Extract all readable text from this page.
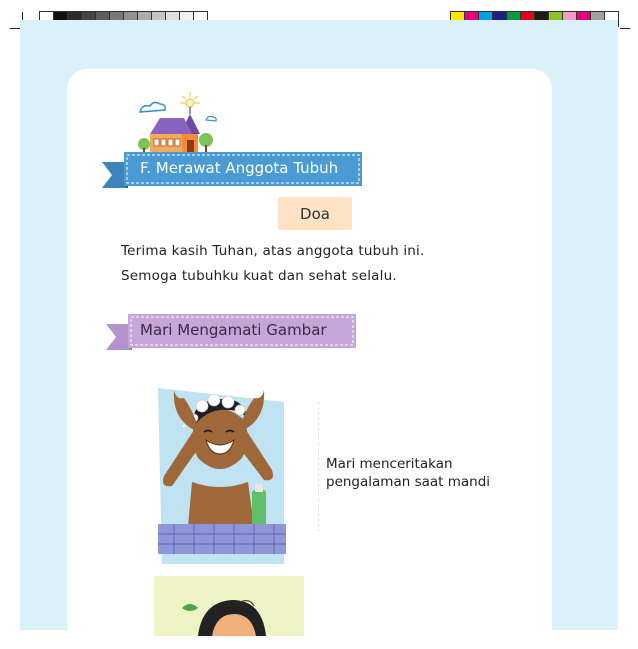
F. Merawat Anggota Tubuh
Doa
Terima kasih Tuhan, atas anggota tubuh ini.
Semoga tubuhku kuat dan sehat selalu.
Mari Mengamati Gambar
Mari menceritakan
pengalaman saat mandi
